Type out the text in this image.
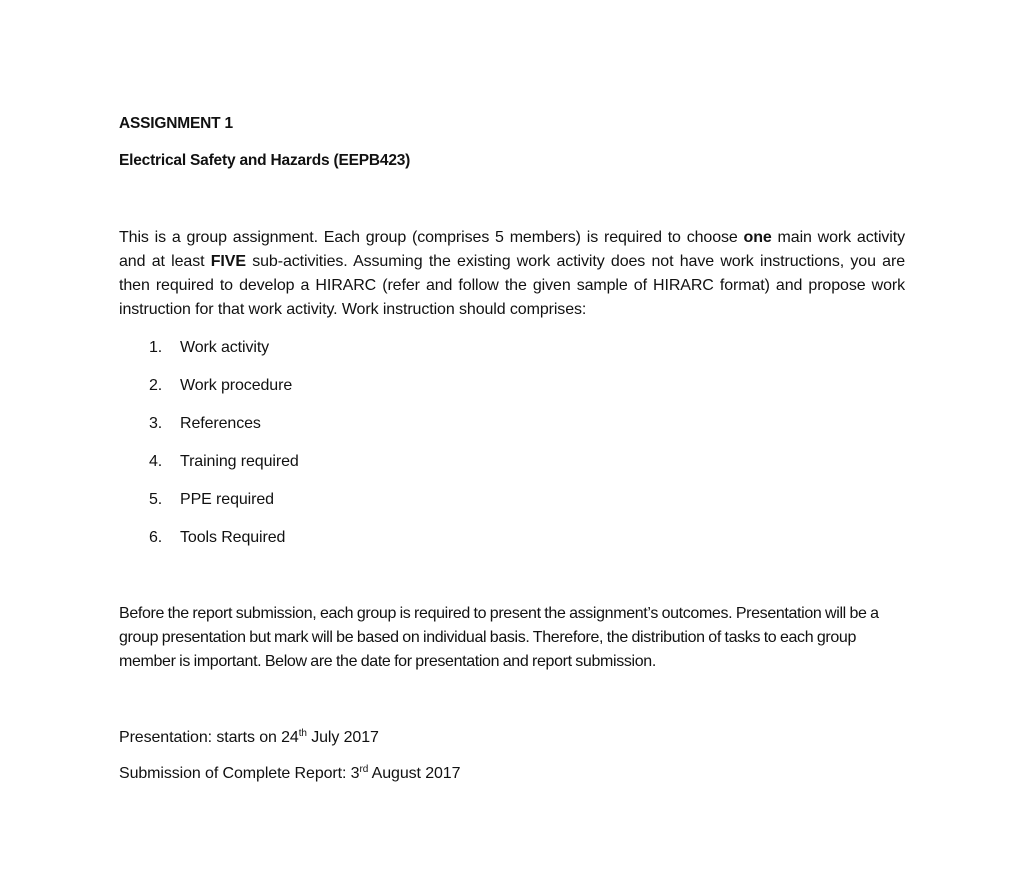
ASSIGNMENT 1
Electrical Safety and Hazards (EEPB423)
This is a group assignment. Each group (comprises 5 members) is required to choose one main work activity and at least FIVE sub-activities. Assuming the existing work activity does not have work instructions, you are then required to develop a HIRARC (refer and follow the given sample of HIRARC format) and propose work instruction for that work activity. Work instruction should comprises:
1.	Work activity
2.	Work procedure
3.	References
4.	Training required
5.	PPE required
6.	Tools Required
Before the report submission, each group is required to present the assignment’s outcomes. Presentation will be a group presentation but mark will be based on individual basis. Therefore, the distribution of tasks to each group member is important. Below are the date for presentation and report submission.
Presentation: starts on 24th July 2017
Submission of Complete Report: 3rd August 2017
